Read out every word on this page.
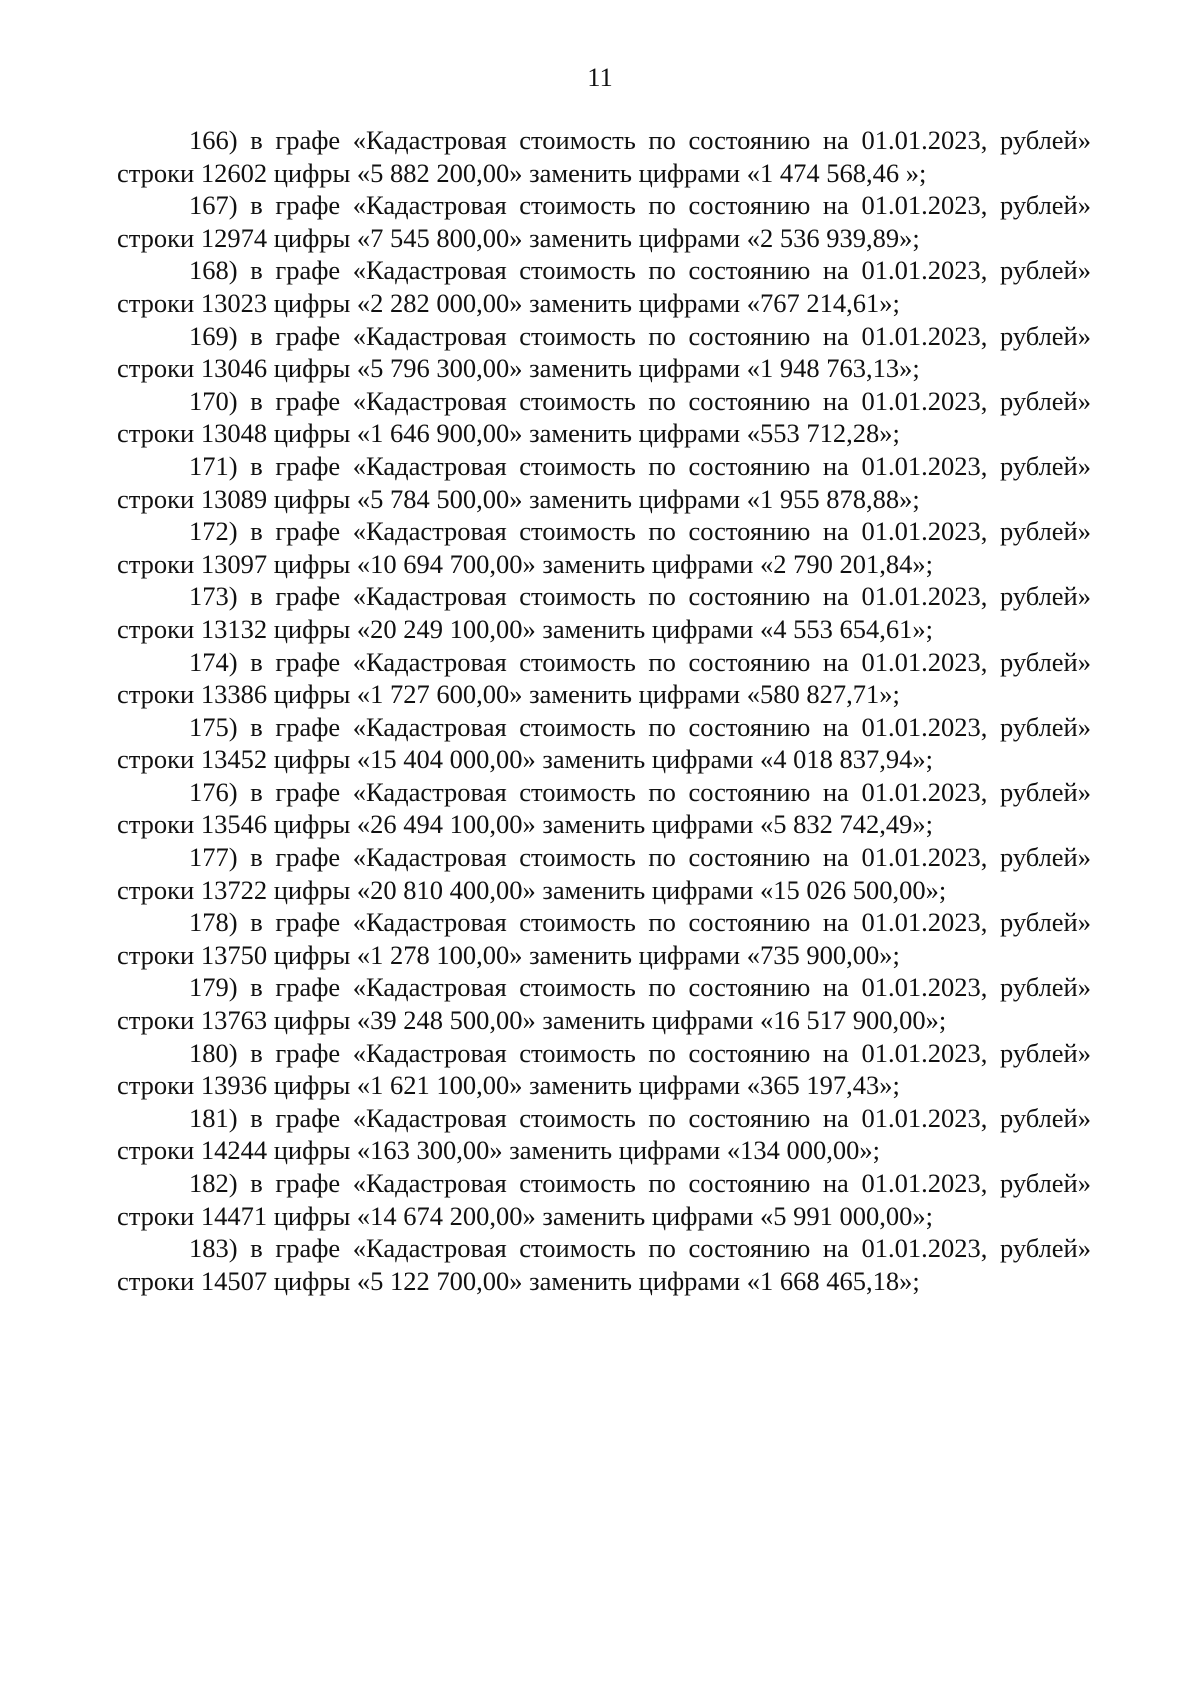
11

166) в графе «Кадастровая стоимость по состоянию на 01.01.2023, рублей» строки 12602 цифры «5 882 200,00» заменить цифрами «1 474 568,46 »;

167) в графе «Кадастровая стоимость по состоянию на 01.01.2023, рублей» строки 12974 цифры «7 545 800,00» заменить цифрами «2 536 939,89»;

168) в графе «Кадастровая стоимость по состоянию на 01.01.2023, рублей» строки 13023 цифры «2 282 000,00» заменить цифрами «767 214,61»;

169) в графе «Кадастровая стоимость по состоянию на 01.01.2023, рублей» строки 13046 цифры «5 796 300,00» заменить цифрами «1 948 763,13»;

170) в графе «Кадастровая стоимость по состоянию на 01.01.2023, рублей» строки 13048 цифры «1 646 900,00» заменить цифрами «553 712,28»;

171) в графе «Кадастровая стоимость по состоянию на 01.01.2023, рублей» строки 13089 цифры «5 784 500,00» заменить цифрами «1 955 878,88»;

172) в графе «Кадастровая стоимость по состоянию на 01.01.2023, рублей» строки 13097 цифры «10 694 700,00» заменить цифрами «2 790 201,84»;

173) в графе «Кадастровая стоимость по состоянию на 01.01.2023, рублей» строки 13132 цифры «20 249 100,00» заменить цифрами «4 553 654,61»;

174) в графе «Кадастровая стоимость по состоянию на 01.01.2023, рублей» строки 13386 цифры «1 727 600,00» заменить цифрами «580 827,71»;

175) в графе «Кадастровая стоимость по состоянию на 01.01.2023, рублей» строки 13452 цифры «15 404 000,00» заменить цифрами «4 018 837,94»;

176) в графе «Кадастровая стоимость по состоянию на 01.01.2023, рублей» строки 13546 цифры «26 494 100,00» заменить цифрами «5 832 742,49»;

177) в графе «Кадастровая стоимость по состоянию на 01.01.2023, рублей» строки 13722 цифры «20 810 400,00» заменить цифрами «15 026 500,00»;

178) в графе «Кадастровая стоимость по состоянию на 01.01.2023, рублей» строки 13750 цифры «1 278 100,00» заменить цифрами «735 900,00»;

179) в графе «Кадастровая стоимость по состоянию на 01.01.2023, рублей» строки 13763 цифры «39 248 500,00» заменить цифрами «16 517 900,00»;

180) в графе «Кадастровая стоимость по состоянию на 01.01.2023, рублей» строки 13936 цифры «1 621 100,00» заменить цифрами «365 197,43»;

181) в графе «Кадастровая стоимость по состоянию на 01.01.2023, рублей» строки 14244 цифры «163 300,00» заменить цифрами «134 000,00»;

182) в графе «Кадастровая стоимость по состоянию на 01.01.2023, рублей» строки 14471 цифры «14 674 200,00» заменить цифрами «5 991 000,00»;

183) в графе «Кадастровая стоимость по состоянию на 01.01.2023, рублей» строки 14507 цифры «5 122 700,00» заменить цифрами «1 668 465,18»;
